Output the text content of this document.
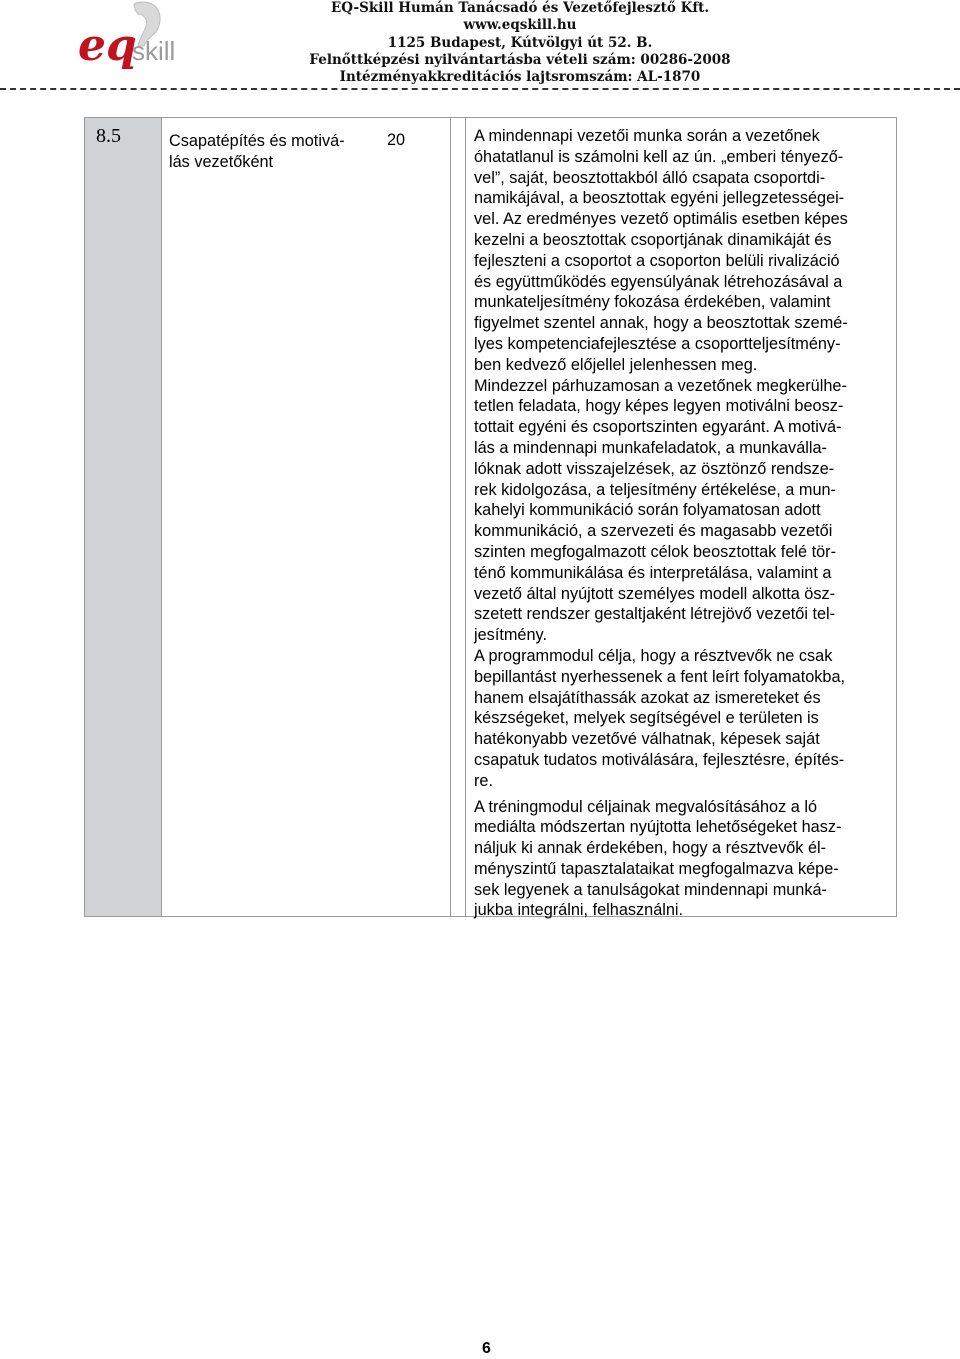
eq
skill
EQ-Skill Humán Tanácsadó és Vezetőfejlesztő Kft.
www.eqskill.hu
1125 Budapest, Kútvölgyi út 52. B.
Felnőttképzési nyilvántartásba vételi szám: 00286-2008
Intézményakkreditációs lajtsromszám: AL-1870
8.5	Csapatépítés és motivá-
lás vezetőként
20	A mindennapi vezetői munka során a vezetőnek
óhatatlanul is számolni kell az ún. „emberi tényező-
vel”, saját, beosztottakból álló csapata csoportdi-
namikájával, a beosztottak egyéni jellegzetességei-
vel. Az eredményes vezető optimális esetben képes
kezelni a beosztottak csoportjának dinamikáját és
fejleszteni a csoportot a csoporton belüli rivalizáció
és együttműködés egyensúlyának létrehozásával a
munkateljesítmény fokozása érdekében, valamint
figyelmet szentel annak, hogy a beosztottak szemé-
lyes kompetenciafejlesztése a csoportteljesítmény-
ben kedvező előjellel jelenhessen meg.

Mindezzel párhuzamosan a vezetőnek megkerülhe-
tetlen feladata, hogy képes legyen motiválni beosz-
tottait egyéni és csoportszinten egyaránt. A motivá-
lás a mindennapi munkafeladatok, a munkaválla-
lóknak adott visszajelzések, az ösztönző rendsze-
rek kidolgozása, a teljesítmény értékelése, a mun-
kahelyi kommunikáció során folyamatosan adott
kommunikáció, a szervezeti és magasabb vezetői
szinten megfogalmazott célok beosztottak felé tör-
ténő kommunikálása és interpretálása, valamint a
vezető által nyújtott személyes modell alkotta ösz-
szetett rendszer gestaltjaként létrejövő vezetői tel-
jesítmény.

A programmodul célja, hogy a résztvevők ne csak
bepillantást nyerhessenek a fent leírt folyamatokba,
hanem elsajátíthassák azokat az ismereteket és
készségeket, melyek segítségével e területen is
hatékonyabb vezetővé válhatnak, képesek saját
csapatuk tudatos motiválására, fejlesztésre, építés-
re.

A tréningmodul céljainak megvalósításához a ló
mediálta módszertan nyújtotta lehetőségeket hasz-
náljuk ki annak érdekében, hogy a résztvevők él-
ményszintű tapasztalataikat megfogalmazva képe-
sek legyenek a tanulságokat mindennapi munká-
jukba integrálni, felhasználni.

6
